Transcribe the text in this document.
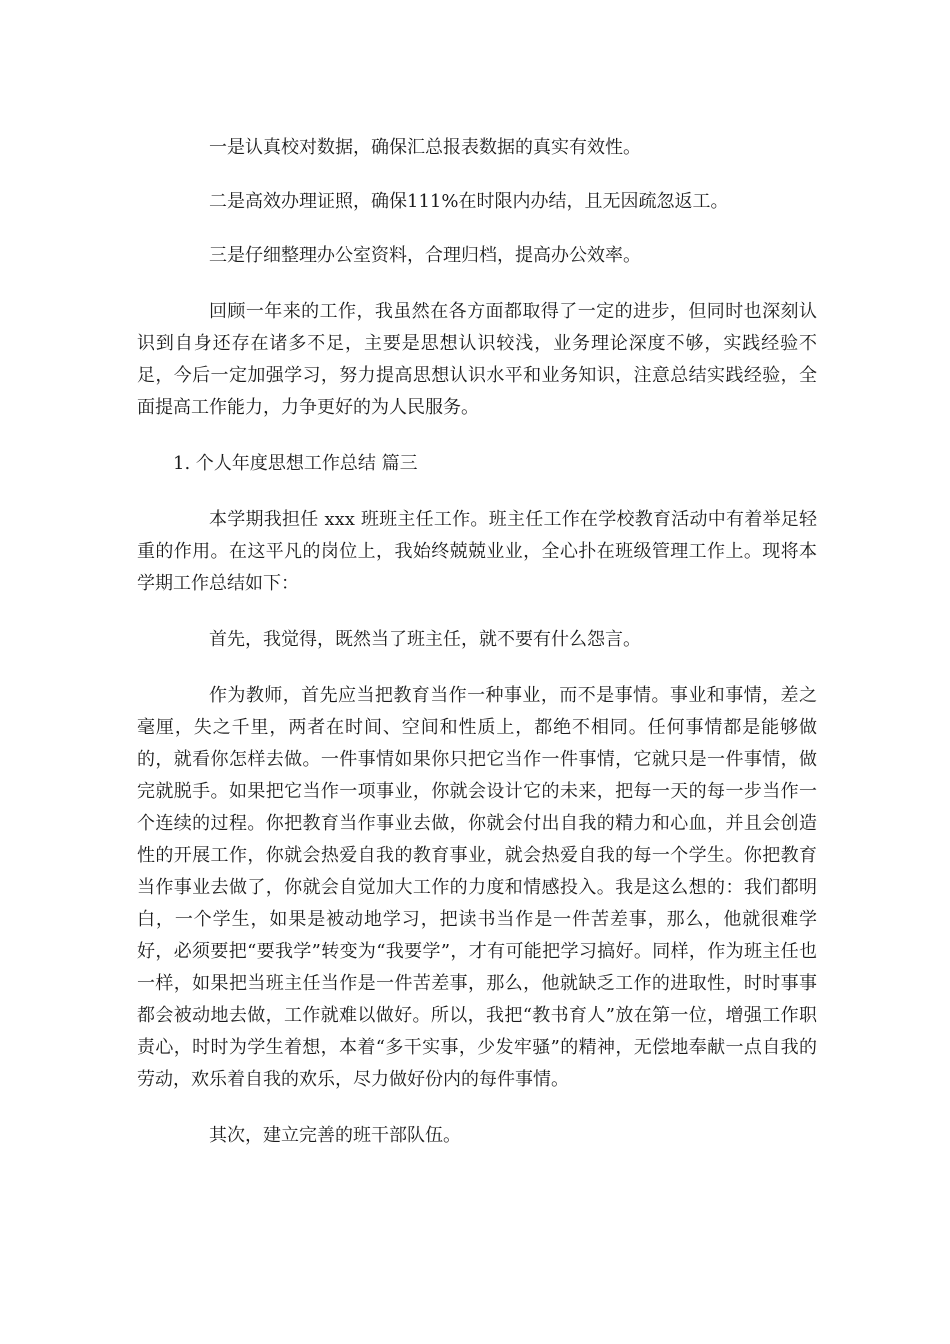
一是认真校对数据，确保汇总报表数据的真实有效性。

二是高效办理证照，确保111%在时限内办结，且无因疏忽返工。

三是仔细整理办公室资料，合理归档，提高办公效率。

回顾一年来的工作，我虽然在各方面都取得了一定的进步，但同时也深刻认识到自身还存在诸多不足，主要是思想认识较浅，业务理论深度不够，实践经验不足，今后一定加强学习，努力提高思想认识水平和业务知识，注意总结实践经验，全面提高工作能力，力争更好的为人民服务。

1. 个人年度思想工作总结 篇三

本学期我担任 xxx 班班主任工作。班主任工作在学校教育活动中有着举足轻重的作用。在这平凡的岗位上，我始终兢兢业业，全心扑在班级管理工作上。现将本学期工作总结如下：

首先，我觉得，既然当了班主任，就不要有什么怨言。

作为教师，首先应当把教育当作一种事业，而不是事情。事业和事情，差之毫厘，失之千里，两者在时间、空间和性质上，都绝不相同。任何事情都是能够做的，就看你怎样去做。一件事情如果你只把它当作一件事情，它就只是一件事情，做完就脱手。如果把它当作一项事业，你就会设计它的未来，把每一天的每一步当作一个连续的过程。你把教育当作事业去做，你就会付出自我的精力和心血，并且会创造性的开展工作，你就会热爱自我的教育事业，就会热爱自我的每一个学生。你把教育当作事业去做了，你就会自觉加大工作的力度和情感投入。我是这么想的：我们都明白，一个学生，如果是被动地学习，把读书当作是一件苦差事，那么，他就很难学好，必须要把“要我学”转变为“我要学”，才有可能把学习搞好。同样，作为班主任也一样，如果把当班主任当作是一件苦差事，那么，他就缺乏工作的进取性，时时事事都会被动地去做，工作就难以做好。所以，我把“教书育人”放在第一位，增强工作职责心，时时为学生着想，本着“多干实事，少发牢骚”的精神，无偿地奉献一点自我的劳动，欢乐着自我的欢乐，尽力做好份内的每件事情。

其次，建立完善的班干部队伍。
